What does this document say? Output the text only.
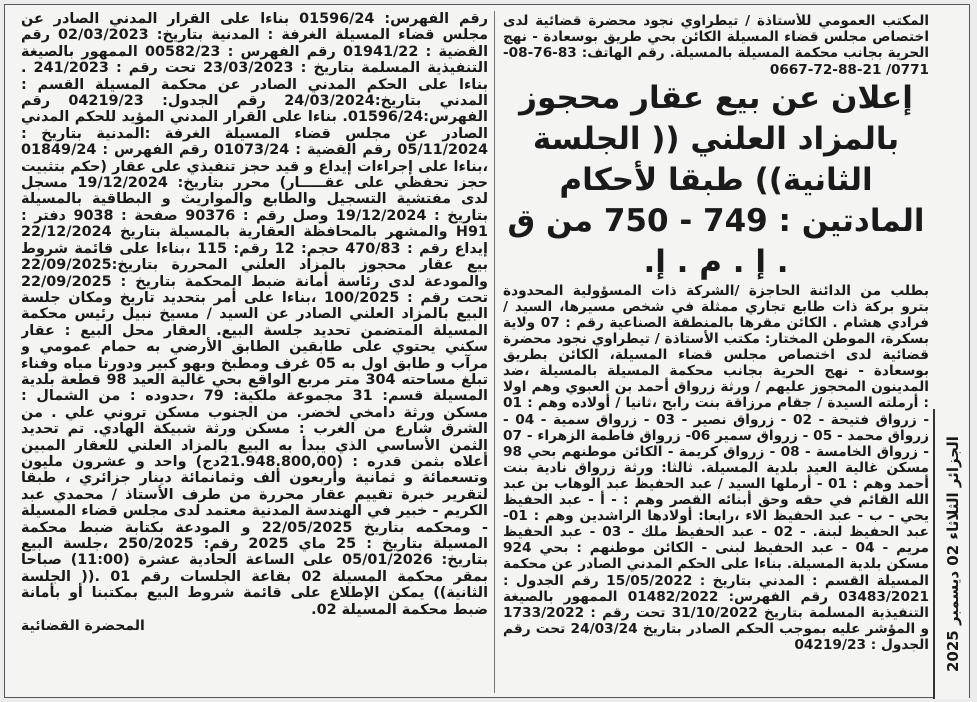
المكتب العمومي للأستاذة / تيطراوي نجود محضرة قضائية لدى اختصاص مجلس قضاء المسيلة الكائن بحي طريق بوسعادة - نهج الحرية بجانب محكمة المسيلة بالمسيلة. رقم الهاتف: 83-76-08-0771/ 21-88-72-0667

إعلان عن بيع عقار محجوز بالمزاد العلني (( الجلسة الثانية)) طبقا لأحكام المادتين : 749 - 750 من ق . إ . م . إ.

بطلب من الدائنة الحاجزة /الشركة ذات المسؤولية المحدودة بترو بركة ذات طابع تجاري ممثلة في شخص مسيرها، السيد / فرادي هشام . الكائن مقرها بالمنطقة الصناعية رقم : 07 ولاية بسكرة، الموطن المختار: مكتب الأستاذة / تيطراوي نجود محضرة قضائية لدى اختصاص مجلس قضاء المسيلة، الكائن بطريق بوسعادة - نهج الحرية بجانب محكمة المسيلة بالمسيلة ،ضد المدينون المحجوز عليهم / ورثة زرواق أحمد بن العبوي وهم اولا : أرملته السيدة / جقام مرزاقة بنت رابح ،ثانيا / أولاده وهم : 01 - زرواق فتيحة - 02 - زرواق نصير - 03 - زرواق سمية - 04 - زرواق محمد - 05 - زرواق سمير 06- زرواق فاطمة الزهراء - 07 - زرواق الخامسة - 08 - زرواق كريمة - الكائن موطنهم بحي 98 مسكن غالية العيد بلدية المسيلة. ثالثا: ورثة زرواق نادية بنت أحمد وهم : 01 - أرملها السيد / عبد الحفيظ عبد الوهاب بن عبد الله القائم في حقه وحق أبنائه القصر وهم : - أ - عبد الحفيظ يحي - ب - عبد الحفيظ الاء ،رابعا: أولادها الراشدين وهم : 01- عبد الحفيظ لبنة. - 02 - عبد الحفيظ ملك - 03 - عبد الحفيظ مريم - 04 - عبد الحفيظ لبنى - الكائن موطنهم : بحي 924 مسكن بلدية المسيلة. بناءا على الحكم المدني الصادر عن محكمة المسيلة القسم : المدني بتاريخ : 15/05/2022 رقم الجدول : 03483/2021 رقم الفهرس: 01482/2022 الممهور بالصيغة التنفيذية المسلمة بتاريخ 31/10/2022 تحت رقم : 1733/2022 و المؤشر عليه بموجب الحكم الصادر بتاريخ 24/03/24 تحت رقم الجدول : 04219/23

رقم الفهرس: 01596/24 بناءا على القرار المدني الصادر عن مجلس قضاء المسيلة الغرفة : المدنية بتاريخ: 02/03/2023 رقم القضية : 01941/22 رقم الفهرس : 00582/23 الممهور بالصيغة التنفيذية المسلمة بتاريخ : 23/03/2023 تحت رقم : 241/2023 . بناءا على الحكم المدني الصادر عن محكمة المسيلة القسم : المدني بتاريخ:24/03/2024 رقم الجدول: 04219/23 رقم الفهرس:01596/24. بناءا على القرار المدني المؤيد للحكم المدني الصادر عن مجلس قضاء المسيلة الغرفة :المدنية بتاريخ : 05/11/2024 رقم القضية : 01073/24 رقم الفهرس : 01849/24 ،بناءا على إجراءات إيداع و قيد حجز تنفيذي على عقار (حكم بتثبيت حجز تحفظي على عقـــــار) محرر بتاريخ: 19/12/2024 مسجل لدى مفتشية التسجيل والطابع والمواريث و البطاقية بالمسيلة بتاريخ : 19/12/2024 وصل رقم : 90376 صفحة : 9038 دفتر : H91 والمشهر بالمحافظة العقارية بالمسيلة بتاريخ 22/12/2024 إيداع رقم : 470/83 حجم: 12 رقم: 115 ،بناءا على قائمة شروط بيع عقار محجوز بالمزاد العلني المحررة بتاريخ:22/09/2025 والمودعة لدى رئاسة أمانة ضبط المحكمة بتاريخ : 22/09/2025 تحت رقم : 100/2025 ،بناءا على أمر بتحديد تاريخ ومكان جلسة البيع بالمزاد العلني الصادر عن السيد / مسيخ نبيل رئيس محكمة المسيلة المتضمن تحديد جلسة البيع. العقار محل البيع : عقار سكني يحتوي على طابقين الطابق الأرضي به حمام عمومي و مرآب و طابق اول به 05 غرف ومطبخ وبهو كبير ودورتا مياه وفناء تبلغ مساحته 304 متر مربع الواقع بحي غالية العيد 98 قطعة بلدية المسيلة قسم: 31 مجموعة ملكية: 79 ،حدوده : من الشمال : مسكن ورثة دامخي لخضر. من الجنوب مسكن تروني علي . من الشرق شارع من الغرب : مسكن ورثة شبيكة الهادي. تم تحديد الثمن الأساسي الذي يبدأ به البيع بالمزاد العلني للعقار المبين أعلاه بثمن قدره : (21.948.800,00دج) واحد و عشرون مليون وتسعمائة و ثمانية وأربعون ألف وثمانمائة دينار جزائري ، طبقا لتقرير خبرة تقييم عقار محررة من طرف الأستاذ / محمدي عبد الكريم - خبير في الهندسة المدنية معتمد لدى مجلس قضاء المسيلة - ومحكمه بتاريخ 22/05/2025 و المودعة بكتابة ضبط محكمة المسيلة بتاريخ : 25 ماي 2025 رقم: 250/2025 ،جلسة البيع بتاريخ: 05/01/2026 على الساعة الحادية عشرة (11:00) صباحا بمقر محكمة المسيلة 02 بقاعة الجلسات رقم 01 .(( الجلسة الثانية)) يمكن الإطلاع على قائمة شروط البيع بمكتبنا أو بأمانة ضبط محكمة المسيلة 02.

المحضرة القضائية

الجزائر الثلاثاء 02 ديسمبر 2025
